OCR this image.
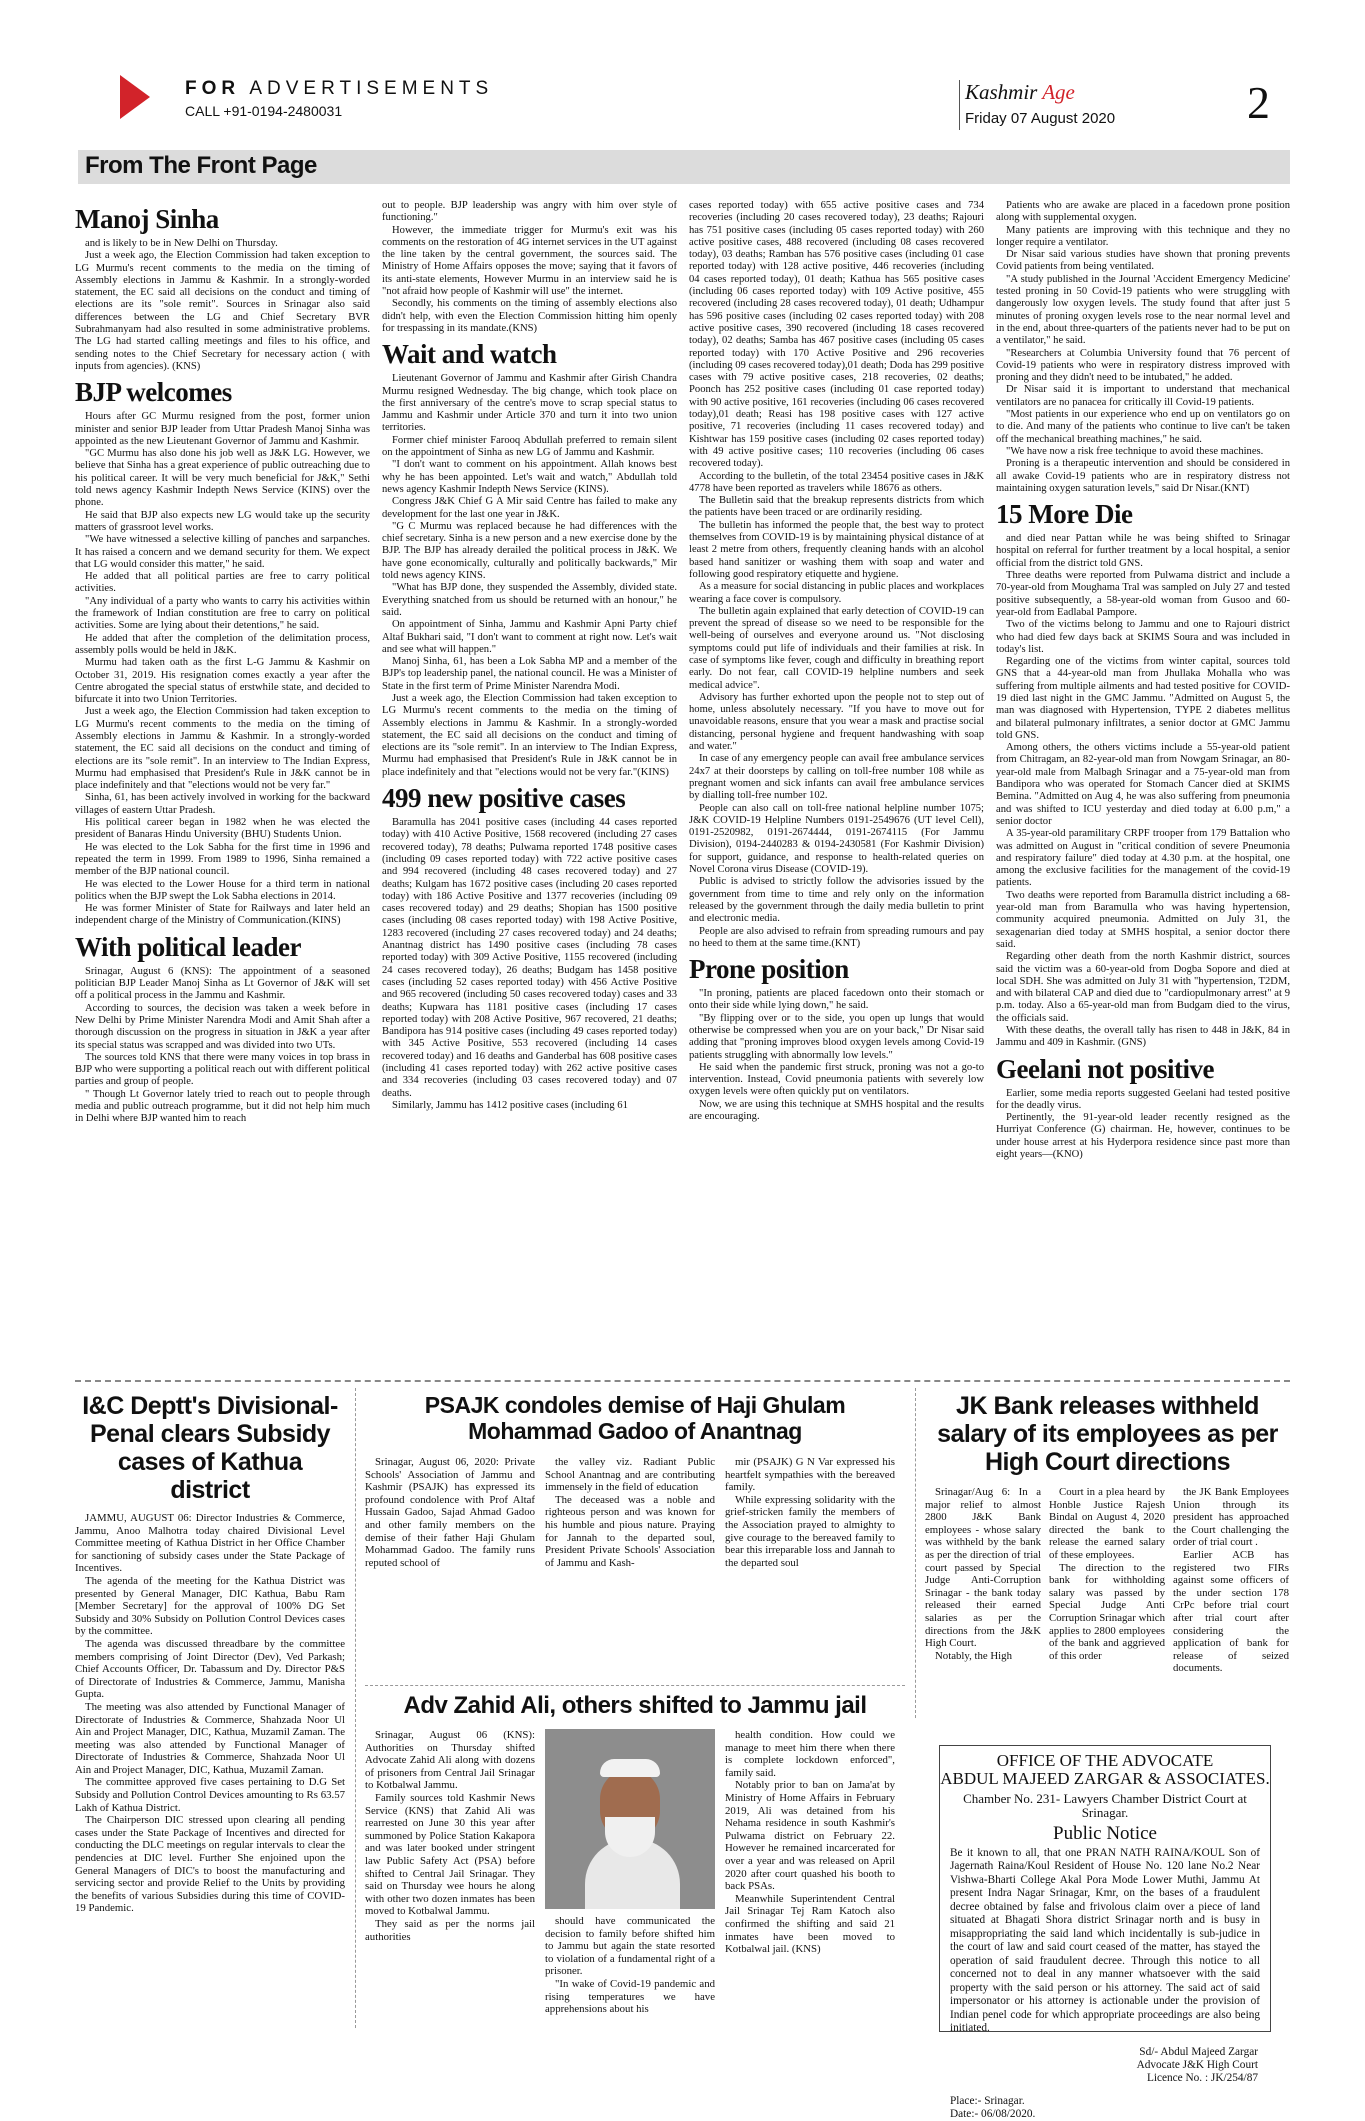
FOR ADVERTISEMENTS
CALL +91-0194-2480031
Kashmir Age
Friday 07 August 2020	2
From The Front Page
Manoj Sinha

and is likely to be in New Delhi on Thursday.

Just a week ago, the Election Commission had taken exception to LG Murmu's recent comments to the media on the timing of Assembly elections in Jammu & Kashmir. In a strongly-worded statement, the EC said all decisions on the conduct and timing of elections are its "sole remit". Sources in Srinagar also said differences between the LG and Chief Secretary BVR Subrahmanyam had also resulted in some administrative problems. The LG had started calling meetings and files to his office, and sending notes to the Chief Secretary for necessary action ( with inputs from agencies). (KNS)

BJP welcomes

Hours after GC Murmu resigned from the post, former union minister and senior BJP leader from Uttar Pradesh Manoj Sinha was appointed as the new Lieutenant Governor of Jammu and Kashmir.

"GC Murmu has also done his job well as J&K LG. However, we believe that Sinha has a great experience of public outreaching due to his political career. It will be very much beneficial for J&K," Sethi told news agency Kashmir Indepth News Service (KINS) over the phone.

He said that BJP also expects new LG would take up the security matters of grassroot level works.

"We have witnessed a selective killing of panches and sarpanches. It has raised a concern and we demand security for them. We expect that LG would consider this matter," he said.

He added that all political parties are free to carry political activities.

"Any individual of a party who wants to carry his activities within the framework of Indian constitution are free to carry on political activities. Some are lying about their detentions," he said.

He added that after the completion of the delimitation process, assembly polls would be held in J&K.

Murmu had taken oath as the first L-G Jammu & Kashmir on October 31, 2019. His resignation comes exactly a year after the Centre abrogated the special status of erstwhile state, and decided to bifurcate it into two Union Territories.

Just a week ago, the Election Commission had taken exception to LG Murmu's recent comments to the media on the timing of Assembly elections in Jammu & Kashmir. In a strongly-worded statement, the EC said all decisions on the conduct and timing of elections are its "sole remit". In an interview to The Indian Express, Murmu had emphasised that President's Rule in J&K cannot be in place indefinitely and that "elections would not be very far."

Sinha, 61, has been actively involved in working for the backward villages of eastern Uttar Pradesh.

His political career began in 1982 when he was elected the president of Banaras Hindu University (BHU) Students Union.

He was elected to the Lok Sabha for the first time in 1996 and repeated the term in 1999. From 1989 to 1996, Sinha remained a member of the BJP national council.

He was elected to the Lower House for a third term in national politics when the BJP swept the Lok Sabha elections in 2014.

He was former Minister of State for Railways and later held an independent charge of the Ministry of Communication.(KINS)

With political leader

Srinagar, August 6 (KNS): The appointment of a seasoned politician BJP Leader Manoj Sinha as Lt Governor of J&K will set off a political process in the Jammu and Kashmir.

According to sources, the decision was taken a week before in New Delhi by Prime Minister Narendra Modi and Amit Shah after a thorough discussion on the progress in situation in J&K a year after its special status was scrapped and was divided into two UTs.

The sources told KNS that there were many voices in top brass in BJP who were supporting a political reach out with different political parties and group of people.

" Though Lt Governor lately tried to reach out to people through media and public outreach programme, but it did not help him much in Delhi where BJP wanted him to reach

out to people. BJP leadership was angry with him over style of functioning."

However, the immediate trigger for Murmu's exit was his comments on the restoration of 4G internet services in the UT against the line taken by the central government, the sources said. The Ministry of Home Affairs opposes the move; saying that it favors of its anti-state elements, However Murmu in an interview said he is "not afraid how people of Kashmir will use" the internet.

Secondly, his comments on the timing of assembly elections also didn't help, with even the Election Commission hitting him openly for trespassing in its mandate.(KNS)

Wait and watch

Lieutenant Governor of Jammu and Kashmir after Girish Chandra Murmu resigned Wednesday. The big change, which took place on the first anniversary of the centre's move to scrap special status to Jammu and Kashmir under Article 370 and turn it into two union territories.

Former chief minister Farooq Abdullah preferred to remain silent on the appointment of Sinha as new LG of Jammu and Kashmir.

"I don't want to comment on his appointment. Allah knows best why he has been appointed. Let's wait and watch," Abdullah told news agency Kashmir Indepth News Service (KINS).

Congress J&K Chief G A Mir said Centre has failed to make any development for the last one year in J&K.

"G C Murmu was replaced because he had differences with the chief secretary. Sinha is a new person and a new exercise done by the BJP. The BJP has already derailed the political process in J&K. We have gone economically, culturally and politically backwards," Mir told news agency KINS.

"What has BJP done, they suspended the Assembly, divided state. Everything snatched from us should be returned with an honour," he said.

On appointment of Sinha, Jammu and Kashmir Apni Party chief Altaf Bukhari said, "I don't want to comment at right now. Let's wait and see what will happen."

Manoj Sinha, 61, has been a Lok Sabha MP and a member of the BJP's top leadership panel, the national council. He was a Minister of State in the first term of Prime Minister Narendra Modi.

Just a week ago, the Election Commission had taken exception to LG Murmu's recent comments to the media on the timing of Assembly elections in Jammu & Kashmir. In a strongly-worded statement, the EC said all decisions on the conduct and timing of elections are its "sole remit". In an interview to The Indian Express, Murmu had emphasised that President's Rule in J&K cannot be in place indefinitely and that "elections would not be very far."(KINS)

499 new positive cases

Baramulla has 2041 positive cases (including 44 cases reported today) with 410 Active Positive, 1568 recovered (including 27 cases recovered today), 78 deaths; Pulwama reported 1748 positive cases (including 09 cases reported today) with 722 active positive cases and 994 recovered (including 48 cases recovered today) and 27 deaths; Kulgam has 1672 positive cases (including 20 cases reported today) with 186 Active Positive and 1377 recoveries (including 09 cases recovered today) and 29 deaths; Shopian has 1500 positive cases (including 08 cases reported today) with 198 Active Positive, 1283 recovered (including 27 cases recovered today) and 24 deaths; Anantnag district has 1490 positive cases (including 78 cases reported today) with 309 Active Positive, 1155 recovered (including 24 cases recovered today), 26 deaths; Budgam has 1458 positive cases (including 52 cases reported today) with 456 Active Positive and 965 recovered (including 50 cases recovered today) cases and 33 deaths; Kupwara has 1181 positive cases (including 17 cases reported today) with 208 Active Positive, 967 recovered, 21 deaths; Bandipora has 914 positive cases (including 49 cases reported today) with 345 Active Positive, 553 recovered (including 14 cases recovered today) and 16 deaths and Ganderbal has 608 positive cases (including 41 cases reported today) with 262 active positive cases and 334 recoveries (including 03 cases recovered today) and 07 deaths.

Similarly, Jammu has 1412 positive cases (including 61

cases reported today) with 655 active positive cases and 734 recoveries (including 20 cases recovered today), 23 deaths; Rajouri has 751 positive cases (including 05 cases reported today) with 260 active positive cases, 488 recovered (including 08 cases recovered today), 03 deaths; Ramban has 576 positive cases (including 01 case reported today) with 128 active positive, 446 recoveries (including 04 cases reported today), 01 death; Kathua has 565 positive cases (including 06 cases reported today) with 109 Active positive, 455 recovered (including 28 cases recovered today), 01 death; Udhampur has 596 positive cases (including 02 cases reported today) with 208 active positive cases, 390 recovered (including 18 cases recovered today), 02 deaths; Samba has 467 positive cases (including 05 cases reported today) with 170 Active Positive and 296 recoveries (including 09 cases recovered today),01 death; Doda has 299 positive cases with 79 active positive cases, 218 recoveries, 02 deaths; Poonch has 252 positive cases (including 01 case reported today) with 90 active positive, 161 recoveries (including 06 cases recovered today),01 death; Reasi has 198 positive cases with 127 active positive, 71 recoveries (including 11 cases recovered today) and Kishtwar has 159 positive cases (including 02 cases reported today) with 49 active positive cases; 110 recoveries (including 06 cases recovered today).

According to the bulletin, of the total 23454 positive cases in J&K 4778 have been reported as travelers while 18676 as others.

The Bulletin said that the breakup represents districts from which the patients have been traced or are ordinarily residing.

The bulletin has informed the people that, the best way to protect themselves from COVID-19 is by maintaining physical distance of at least 2 metre from others, frequently cleaning hands with an alcohol based hand sanitizer or washing them with soap and water and following good respiratory etiquette and hygiene.

As a measure for social distancing in public places and workplaces wearing a face cover is compulsory.

The bulletin again explained that early detection of COVID-19 can prevent the spread of disease so we need to be responsible for the well-being of ourselves and everyone around us. "Not disclosing symptoms could put life of individuals and their families at risk. In case of symptoms like fever, cough and difficulty in breathing report early. Do not fear, call COVID-19 helpline numbers and seek medical advice".

Advisory has further exhorted upon the people not to step out of home, unless absolutely necessary. "If you have to move out for unavoidable reasons, ensure that you wear a mask and practise social distancing, personal hygiene and frequent handwashing with soap and water."

In case of any emergency people can avail free ambulance services 24x7 at their doorsteps by calling on toll-free number 108 while as pregnant women and sick infants can avail free ambulance services by dialling toll-free number 102.

People can also call on toll-free national helpline number 1075; J&K COVID-19 Helpline Numbers 0191-2549676 (UT level Cell), 0191-2520982, 0191-2674444, 0191-2674115 (For Jammu Division), 0194-2440283 & 0194-2430581 (For Kashmir Division) for support, guidance, and response to health-related queries on Novel Corona virus Disease (COVID-19).

Public is advised to strictly follow the advisories issued by the government from time to time and rely only on the information released by the government through the daily media bulletin to print and electronic media.

People are also advised to refrain from spreading rumours and pay no heed to them at the same time.(KNT)

Prone position

"In proning, patients are placed facedown onto their stomach or onto their side while lying down," he said.

"By flipping over or to the side, you open up lungs that would otherwise be compressed when you are on your back," Dr Nisar said adding that "proning improves blood oxygen levels among Covid-19 patients struggling with abnormally low levels."

He said when the pandemic first struck, proning was not a go-to intervention. Instead, Covid pneumonia patients with severely low oxygen levels were often quickly put on ventilators.

Now, we are using this technique at SMHS hospital and the results are encouraging.

Patients who are awake are placed in a facedown prone position along with supplemental oxygen.

Many patients are improving with this technique and they no longer require a ventilator.

Dr Nisar said various studies have shown that proning prevents Covid patients from being ventilated.

"A study published in the Journal 'Accident Emergency Medicine' tested proning in 50 Covid-19 patients who were struggling with dangerously low oxygen levels. The study found that after just 5 minutes of proning oxygen levels rose to the near normal level and in the end, about three-quarters of the patients never had to be put on a ventilator," he said.

"Researchers at Columbia University found that 76 percent of Covid-19 patients who were in respiratory distress improved with proning and they didn't need to be intubated," he added.

Dr Nisar said it is important to understand that mechanical ventilators are no panacea for critically ill Covid-19 patients.

"Most patients in our experience who end up on ventilators go on to die. And many of the patients who continue to live can't be taken off the mechanical breathing machines," he said.

"We have now a risk free technique to avoid these machines.

Proning is a therapeutic intervention and should be considered in all awake Covid-19 patients who are in respiratory distress not maintaining oxygen saturation levels," said Dr Nisar.(KNT)

15 More Die

and died near Pattan while he was being shifted to Srinagar hospital on referral for further treatment by a local hospital, a senior official from the district told GNS.

Three deaths were reported from Pulwama district and include a 70-year-old from Moughama Tral was sampled on July 27 and tested positive subsequently, a 58-year-old woman from Gusoo and 60-year-old from Eadlabal Pampore.

Two of the victims belong to Jammu and one to Rajouri district who had died few days back at SKIMS Soura and was included in today's list.

Regarding one of the victims from winter capital, sources told GNS that a 44-year-old man from Jhullaka Mohalla who was suffering from multiple ailments and had tested positive for COVID-19 died last night in the GMC Jammu. "Admitted on August 5, the man was diagnosed with Hypertension, TYPE 2 diabetes mellitus and bilateral pulmonary infiltrates, a senior doctor at GMC Jammu told GNS.

Among others, the others victims include a 55-year-old patient from Chitragam, an 82-year-old man from Nowgam Srinagar, an 80-year-old male from Malbagh Srinagar and a 75-year-old man from Bandipora who was operated for Stomach Cancer died at SKIMS Bemina. "Admitted on Aug 4, he was also suffering from pneumonia and was shifted to ICU yesterday and died today at 6.00 p.m," a senior doctor

A 35-year-old paramilitary CRPF trooper from 179 Battalion who was admitted on August in "critical condition of severe Pneumonia and respiratory failure" died today at 4.30 p.m. at the hospital, one among the exclusive facilities for the management of the covid-19 patients.

Two deaths were reported from Baramulla district including a 68-year-old man from Baramulla who was having hypertension, community acquired pneumonia. Admitted on July 31, the sexagenarian died today at SMHS hospital, a senior doctor there said.

Regarding other death from the north Kashmir district, sources said the victim was a 60-year-old from Dogba Sopore and died at local SDH. She was admitted on July 31 with "hypertension, T2DM, and with bilateral CAP and died due to "cardiopulmonary arrest" at 9 p.m. today. Also a 65-year-old man from Budgam died to the virus, the officials said.

With these deaths, the overall tally has risen to 448 in J&K, 84 in Jammu and 409 in Kashmir. (GNS)

Geelani not positive

Earlier, some media reports suggested Geelani had tested positive for the deadly virus.

Pertinently, the 91-year-old leader recently resigned as the Hurriyat Conference (G) chairman. He, however, continues to be under house arrest at his Hyderpora residence since past more than eight years—(KNO)

I&C Deptt's Divisional-Penal clears Subsidy cases of Kathua district

JAMMU, AUGUST 06: Director Industries & Commerce, Jammu, Anoo Malhotra today chaired Divisional Level Committee meeting of Kathua District in her Office Chamber for sanctioning of subsidy cases under the State Package of Incentives.

The agenda of the meeting for the Kathua District was presented by General Manager, DIC Kathua, Babu Ram [Member Secretary] for the approval of 100% DG Set Subsidy and 30% Subsidy on Pollution Control Devices cases by the committee.

The agenda was discussed threadbare by the committee members comprising of Joint Director (Dev), Ved Parkash; Chief Accounts Officer, Dr. Tabassum and Dy. Director P&S of Directorate of Industries & Commerce, Jammu, Manisha Gupta.

The meeting was also attended by Functional Manager of Directorate of Industries & Commerce, Shahzada Noor Ul Ain and Project Manager, DIC, Kathua, Muzamil Zaman. The meeting was also attended by Functional Manager of Directorate of Industries & Commerce, Shahzada Noor Ul Ain and Project Manager, DIC, Kathua, Muzamil Zaman.

The committee approved five cases pertaining to D.G Set Subsidy and Pollution Control Devices amounting to Rs 63.57 Lakh of Kathua District.

The Chairperson DIC stressed upon clearing all pending cases under the State Package of Incentives and directed for conducting the DLC meetings on regular intervals to clear the pendencies at DIC level. Further She enjoined upon the General Managers of DIC's to boost the manufacturing and servicing sector and provide Relief to the Units by providing the benefits of various Subsidies during this time of COVID-19 Pandemic.

PSAJK condoles demise of Haji Ghulam Mohammad Gadoo of Anantnag

Srinagar, August 06, 2020: Private Schools' Association of Jammu and Kashmir (PSAJK) has expressed its profound condolence with Prof Altaf Hussain Gadoo, Sajad Ahmad Gadoo and other family members on the demise of their father Haji Ghulam Mohammad Gadoo. The family runs reputed school of

the valley viz. Radiant Public School Anantnag and are contributing immensely in the field of education

The deceased was a noble and righteous person and was known for his humble and pious nature. Praying for Jannah to the departed soul, President Private Schools' Association of Jammu and Kash-

mir (PSAJK) G N Var expressed his heartfelt sympathies with the bereaved family.

While expressing solidarity with the grief-stricken family the members of the Association prayed to almighty to give courage to the bereaved family to bear this irreparable loss and Jannah to the departed soul

JK Bank releases withheld salary of its employees as per High Court directions

Srinagar/Aug 6: In a major relief to almost 2800 J&K Bank employees - whose salary was withheld by the bank as per the direction of trial court passed by Special Judge Anti-Corruption Srinagar - the bank today released their earned salaries as per the directions from the J&K High Court.

Notably, the High

Court in a plea heard by Honble Justice Rajesh Bindal on August 4, 2020 directed the bank to release the earned salary of these employees.

The direction to the bank for withholding salary was passed by Special Judge Anti Corruption Srinagar which applies to 2800 employees of the bank and aggrieved of this order

the JK Bank Employees Union through its president has approached the Court challenging the order of trial court .

Earlier ACB has registered two FIRs against some officers of the under section 178 CrPc before trial court after trial court after considering the application of bank for release of seized documents.

Adv Zahid Ali, others shifted to Jammu jail

Srinagar, August 06 (KNS): Authorities on Thursday shifted Advocate Zahid Ali along with dozens of prisoners from Central Jail Srinagar to Kotbalwal Jammu.

Family sources told Kashmir News Service (KNS) that Zahid Ali was rearrested on June 30 this year after summoned by Police Station Kakapora and was later booked under stringent law Public Safety Act (PSA) before shifted to Central Jail Srinagar. They said on Thursday wee hours he along with other two dozen inmates has been moved to Kotbalwal Jammu.

They said as per the norms jail authorities

should have communicated the decision to family before shifted him to Jammu but again the state resorted to violation of a fundamental right of a prisoner.

"In wake of Covid-19 pandemic and rising temperatures we have apprehensions about his

health condition. How could we manage to meet him there when there is complete lockdown enforced", family said.

Notably prior to ban on Jama'at by Ministry of Home Affairs in February 2019, Ali was detained from his Nehama residence in south Kashmir's Pulwama district on February 22. However he remained incarcerated for over a year and was released on April 2020 after court quashed his booth to back PSAs.

Meanwhile Superintendent Central Jail Srinagar Tej Ram Katoch also confirmed the shifting and said 21 inmates have been moved to Kotbalwal jail. (KNS)

OFFICE OF THE ADVOCATE
ABDUL MAJEED ZARGAR & ASSOCIATES.
Chamber No. 231- Lawyers Chamber District Court at Srinagar.
Public Notice
Be it known to all, that one PRAN NATH RAINA/KOUL Son of Jagernath Raina/Koul Resident of House No. 120 lane No.2 Near Vishwa-Bharti College Akal Pora Mode Lower Muthi, Jammu At present Indra Nagar Srinagar, Kmr, on the bases of a fraudulent decree obtained by false and frivolous claim over a piece of land situated at Bhagati Shora district Srinagar north and is busy in misappropriating the said land which incidentally is sub-judice in the court of law and said court ceased of the matter, has stayed the operation of said fraudulent decree. Through this notice to all concerned not to deal in any manner whatsoever with the said property with the said person or his attorney. The said act of said impersonator or his attorney is actionable under the provision of Indian penel code for which appropriate proceedings are also being initiated.
Sd/- Abdul Majeed Zargar
Advocate J&K High Court
Licence No. : JK/254/87
Place:- Srinagar.
Date:- 06/08/2020.
